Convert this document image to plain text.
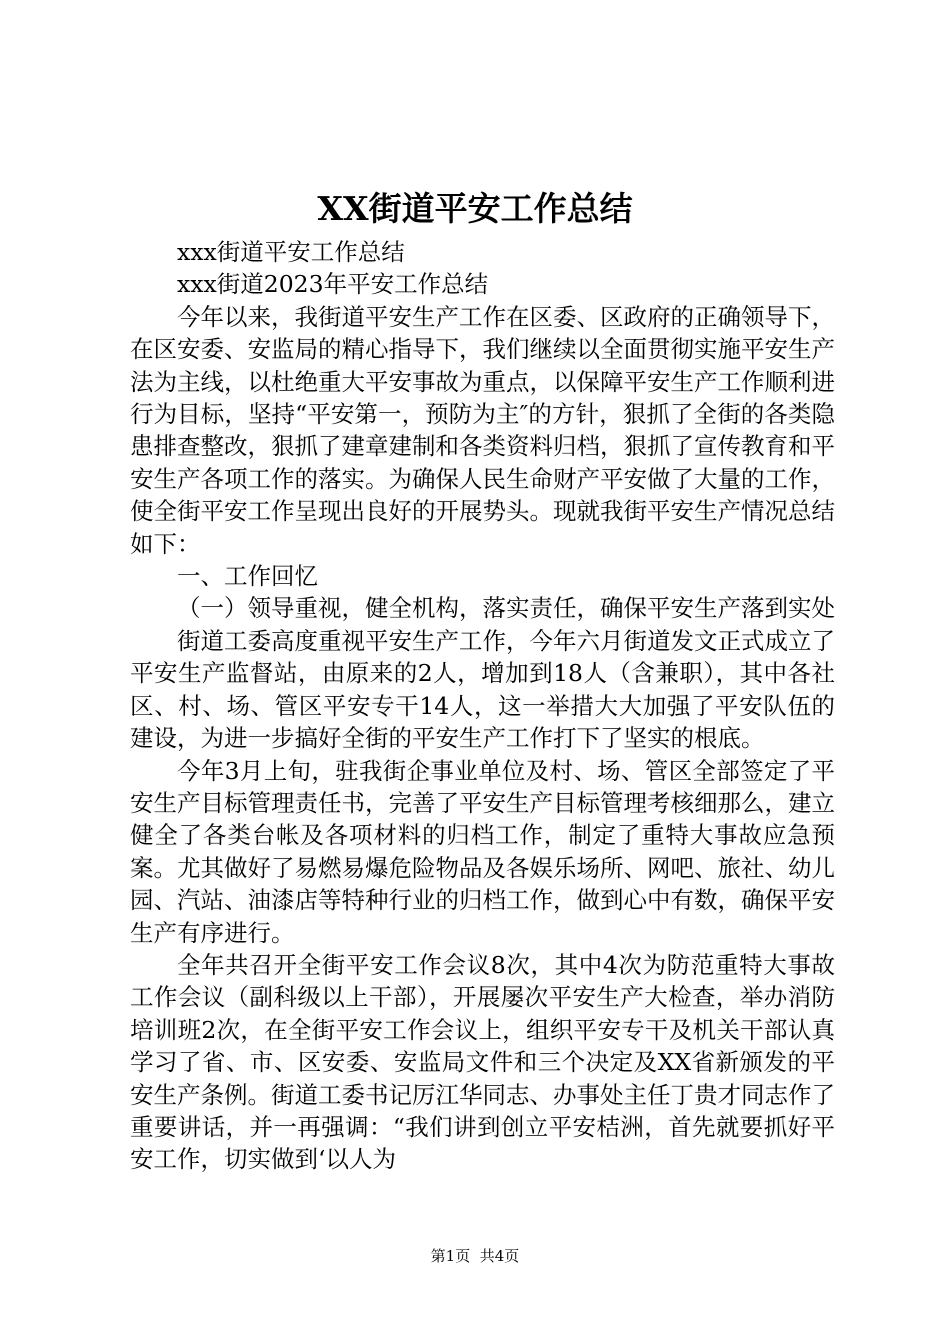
XX街道平安工作总结

xxx街道平安工作总结

xxx街道2023年平安工作总结

今年以来，我街道平安生产工作在区委、区政府的正确领导下，在区安委、安监局的精心指导下，我们继续以全面贯彻实施平安生产法为主线，以杜绝重大平安事故为重点，以保障平安生产工作顺利进行为目标，坚持“平安第一，预防为主″的方针，狠抓了全街的各类隐患排查整改，狠抓了建章建制和各类资料归档，狠抓了宣传教育和平安生产各项工作的落实。为确保人民生命财产平安做了大量的工作，使全街平安工作呈现出良好的开展势头。现就我街平安生产情况总结如下：

一、工作回忆

（一）领导重视，健全机构，落实责任，确保平安生产落到实处

街道工委高度重视平安生产工作，今年六月街道发文正式成立了平安生产监督站，由原来的2人，增加到18人（含兼职），其中各社区、村、场、管区平安专干14人，这一举措大大加强了平安队伍的建设，为进一步搞好全街的平安生产工作打下了坚实的根底。

今年3月上旬，驻我街企事业单位及村、场、管区全部签定了平安生产目标管理责任书，完善了平安生产目标管理考核细那么，建立健全了各类台帐及各项材料的归档工作，制定了重特大事故应急预案。尤其做好了易燃易爆危险物品及各娱乐场所、网吧、旅社、幼儿园、汽站、油漆店等特种行业的归档工作，做到心中有数，确保平安生产有序进行。

全年共召开全街平安工作会议8次，其中4次为防范重特大事故工作会议（副科级以上干部），开展屡次平安生产大检查，举办消防培训班2次，在全街平安工作会议上，组织平安专干及机关干部认真学习了省、市、区安委、安监局文件和三个决定及XX省新颁发的平安生产条例。街道工委书记厉江华同志、办事处主任丁贵才同志作了重要讲话，并一再强调：“我们讲到创立平安桔洲，首先就要抓好平安工作，切实做到‘以人为

第1页 共4页
